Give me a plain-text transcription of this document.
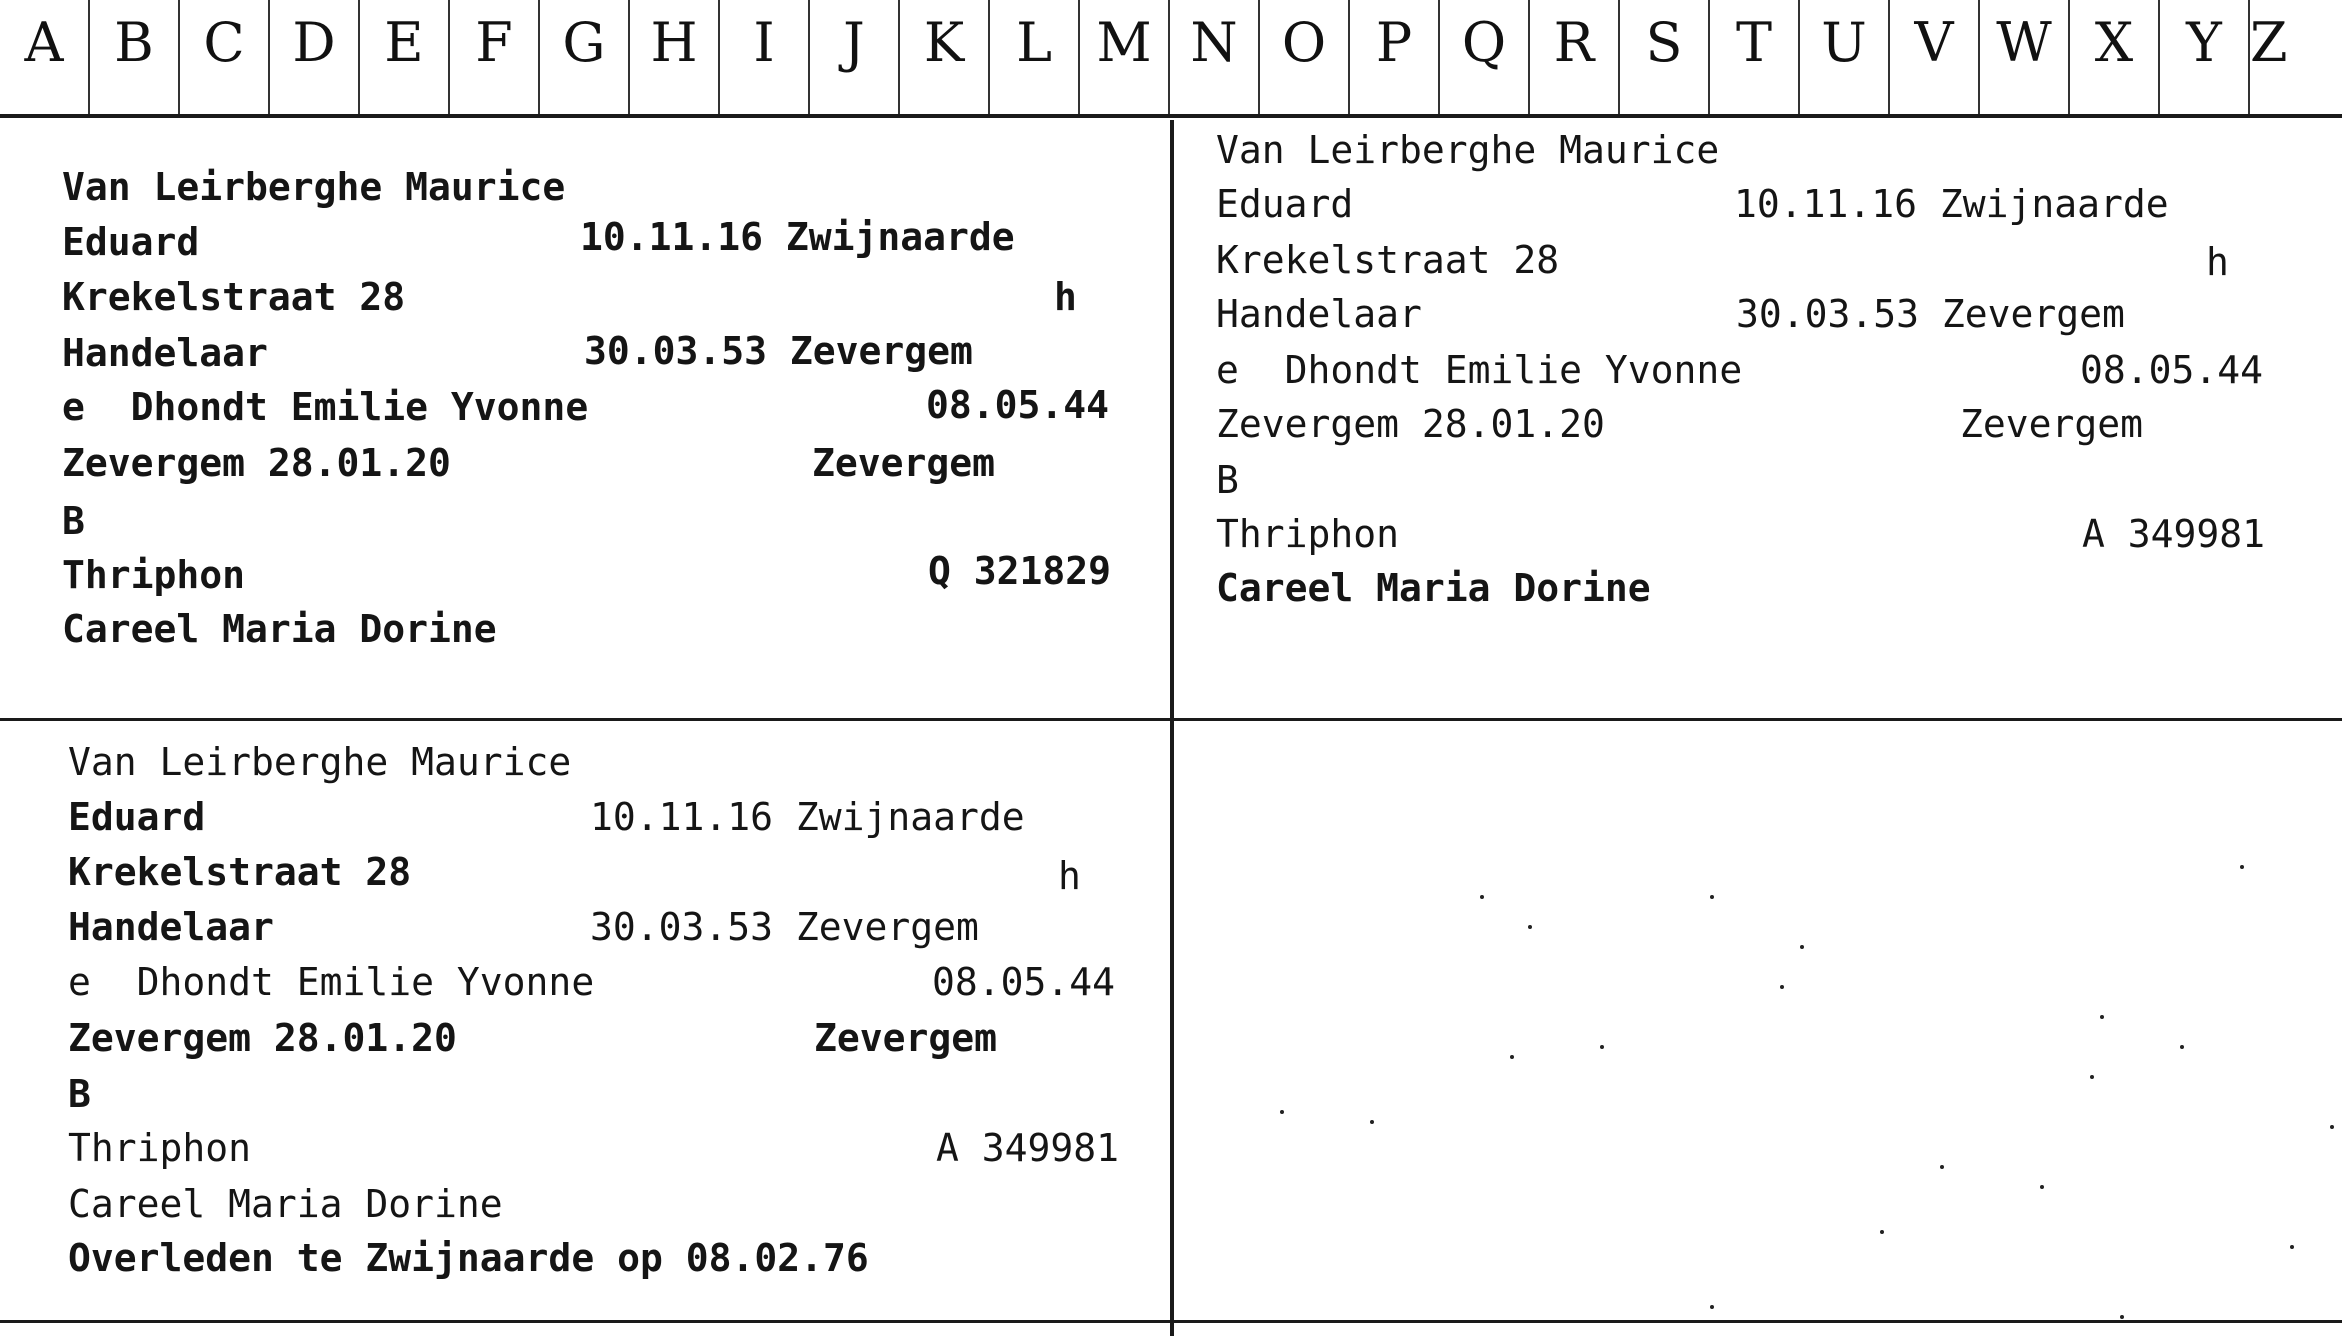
A B C D E F G H	I	J	K L M N O P Q R S T U V W X Y Z
Van Leirberghe Maurice
Eduard	10.11.16 Zwijnaarde
Krekelstraat 28	h
Handelaar	30.03.53 Zevergem
e  Dhondt Emilie Yvonne	08.05.44
Zevergem 28.01.20	Zevergem
B
Thriphon	Q 321829
Careel Maria Dorine
Van Leirberghe Maurice
Eduard	10.11.16 Zwijnaarde
Krekelstraat 28	h
Handelaar	30.03.53 Zevergem
e  Dhondt Emilie Yvonne	08.05.44
Zevergem 28.01.20	Zevergem
B
Thriphon	A 349981
Careel Maria Dorine
Van Leirberghe Maurice
Eduard	10.11.16 Zwijnaarde
Krekelstraat 28	h
Handelaar	30.03.53 Zevergem
e  Dhondt Emilie Yvonne	08.05.44
Zevergem 28.01.20	Zevergem
B
Thriphon	A 349981
Careel Maria Dorine
Overleden te Zwijnaarde op 08.02.76
